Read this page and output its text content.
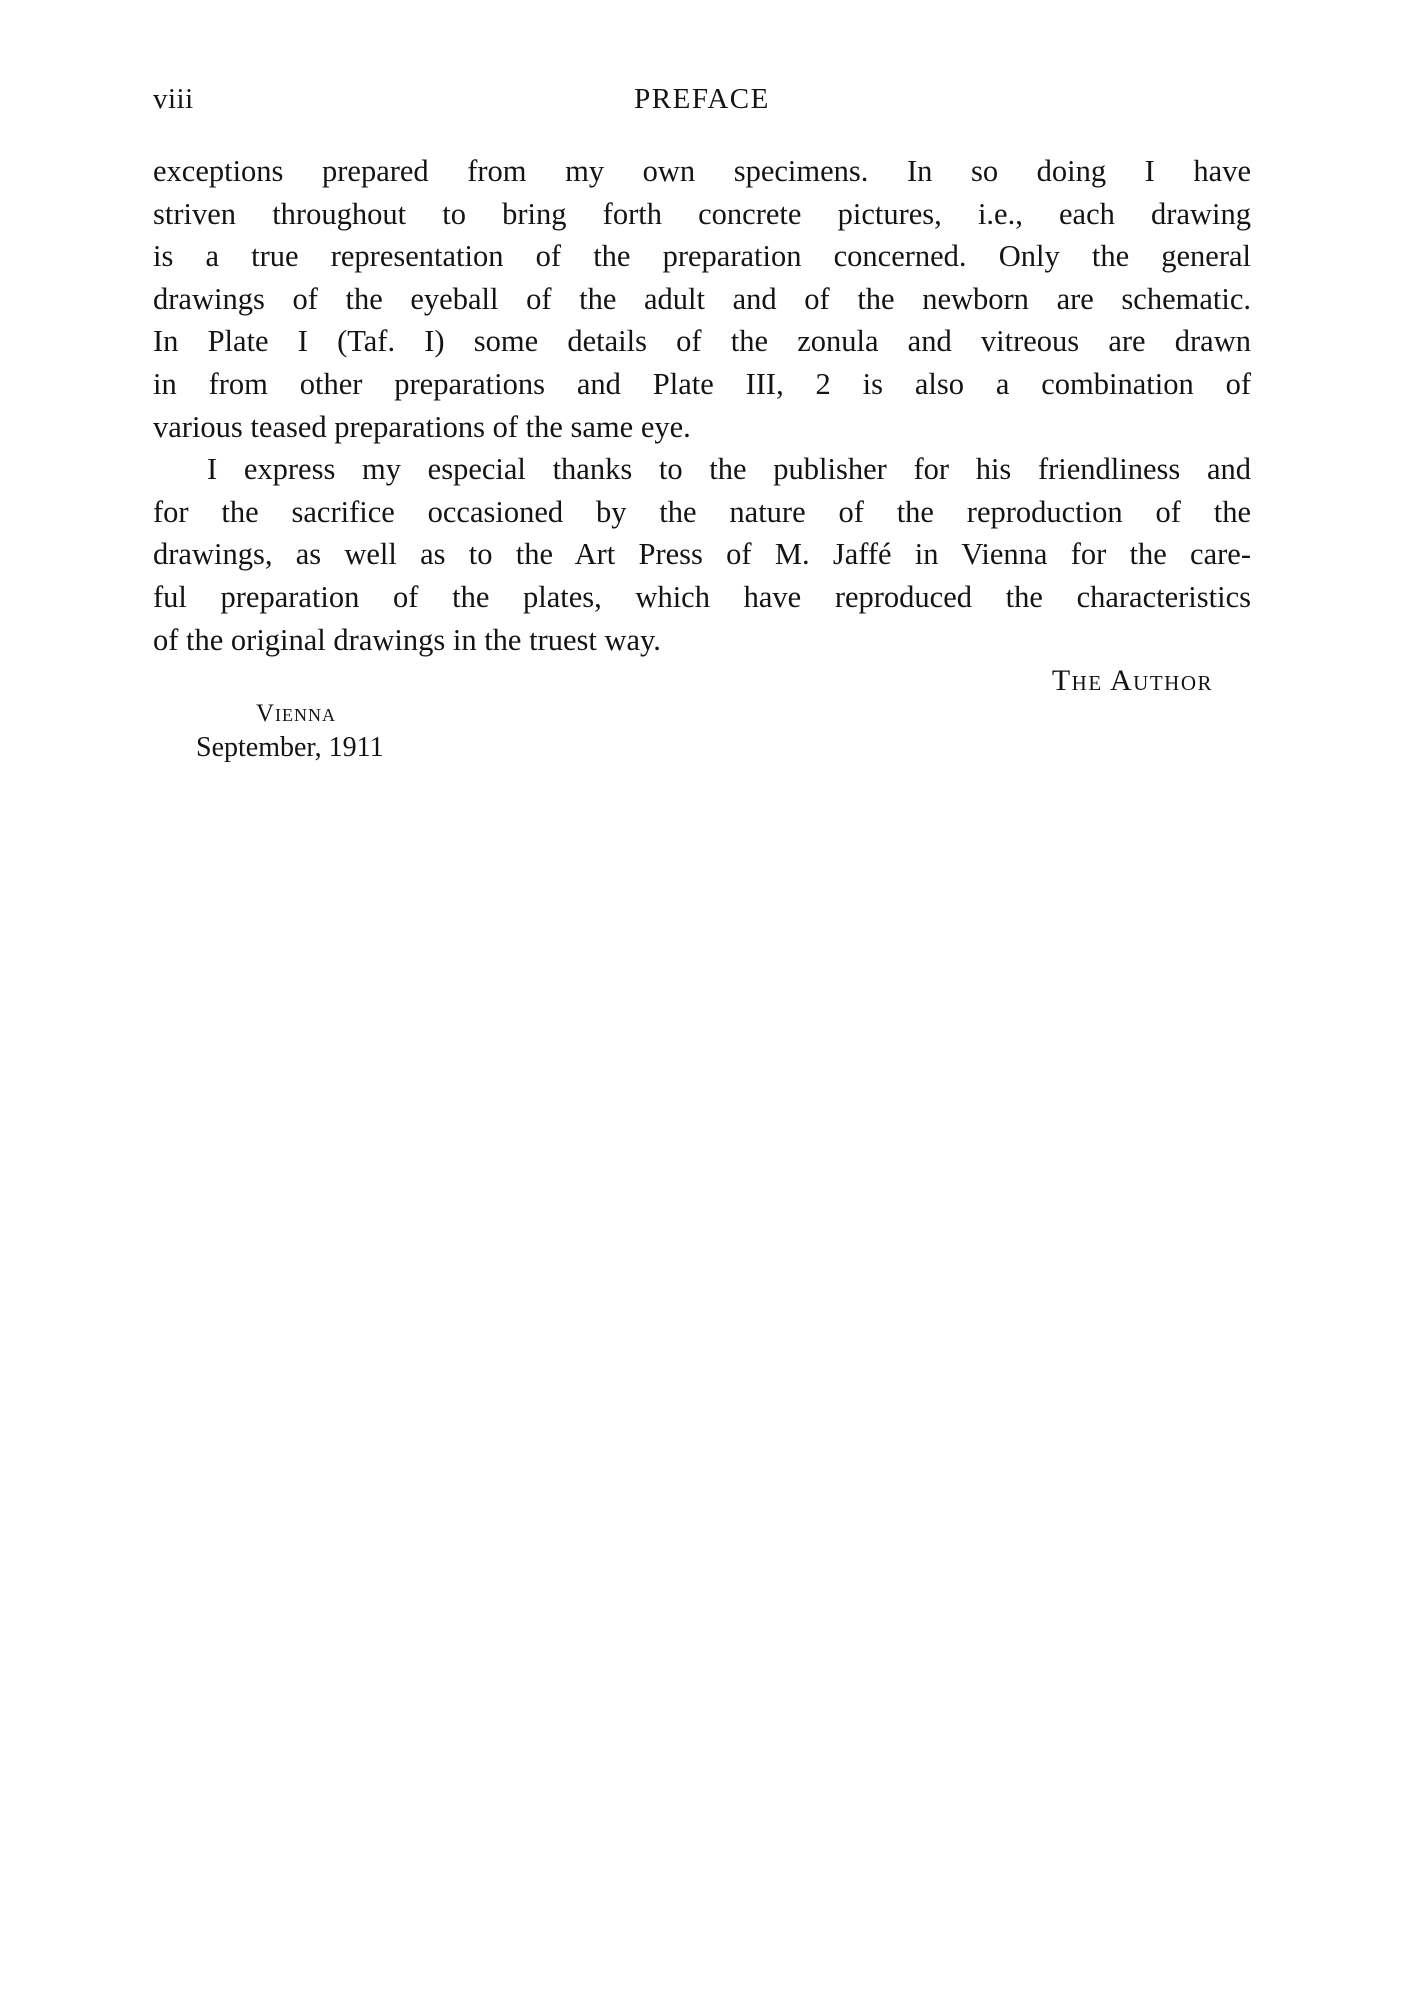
viii	PREFACE
exceptions prepared from my own specimens. In so doing I have
striven throughout to bring forth concrete pictures, i.e., each drawing
is a true representation of the preparation concerned. Only the general
drawings of the eyeball of the adult and of the newborn are schematic.
In Plate I (Taf. I) some details of the zonula and vitreous are drawn
in from other preparations and Plate III, 2 is also a combination of
various teased preparations of the same eye.
I express my especial thanks to the publisher for his friendliness and
for the sacrifice occasioned by the nature of the reproduction of the
drawings, as well as to the Art Press of M. Jaffé in Vienna for the care-
ful preparation of the plates, which have reproduced the characteristics
of the original drawings in the truest way.
The Author
Vienna
September, 1911
